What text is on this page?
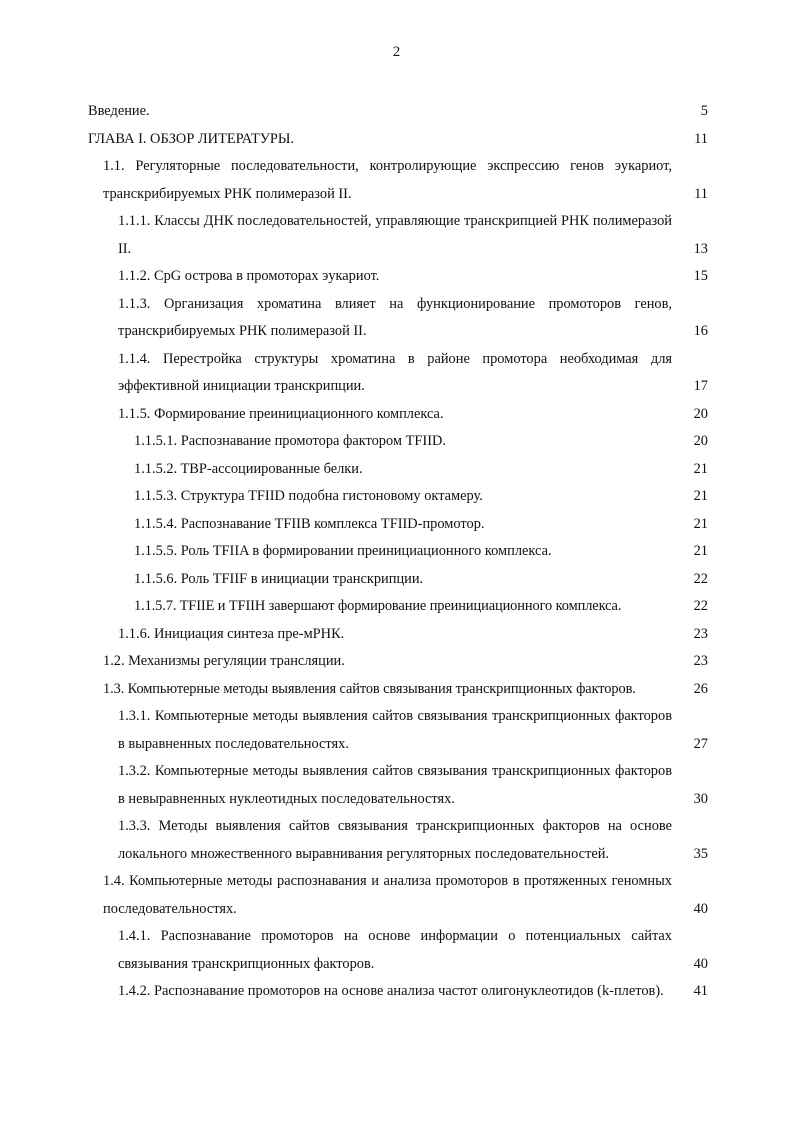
2
Введение.	5
ГЛАВА I. ОБЗОР ЛИТЕРАТУРЫ.	11
1.1. Регуляторные последовательности, контролирующие экспрессию генов эукариот, транскрибируемых РНК полимеразой II.	11
1.1.1. Классы ДНК последовательностей, управляющие транскрипцией РНК полимеразой II.	13
1.1.2. CpG острова в промоторах эукариот.	15
1.1.3. Организация хроматина влияет на функционирование промоторов генов, транскрибируемых РНК полимеразой II.	16
1.1.4. Перестройка структуры хроматина в районе промотора необходимая для эффективной инициации транскрипции.	17
1.1.5. Формирование преинициационного комплекса.	20
1.1.5.1. Распознавание промотора фактором TFIID.	20
1.1.5.2. TBP-ассоциированные белки.	21
1.1.5.3. Структура TFIID подобна гистоновому октамеру.	21
1.1.5.4. Распознавание TFIIB комплекса TFIID-промотор.	21
1.1.5.5. Роль TFIIA в формировании преинициационного комплекса.	21
1.1.5.6. Роль TFIIF в инициации транскрипции.	22
1.1.5.7. TFIIE и TFIIH завершают формирование преинициационного комплекса.	22
1.1.6. Инициация синтеза пре-мРНК.	23
1.2. Механизмы регуляции трансляции.	23
1.3. Компьютерные методы выявления сайтов связывания транскрипционных факторов.	26
1.3.1. Компьютерные методы выявления сайтов связывания транскрипционных факторов в выравненных последовательностях.	27
1.3.2. Компьютерные методы выявления сайтов связывания транскрипционных факторов в невыравненных нуклеотидных последовательностях.	30
1.3.3. Методы выявления сайтов связывания транскрипционных факторов на основе локального множественного выравнивания регуляторных последовательностей.	35
1.4. Компьютерные методы распознавания и анализа промоторов в протяженных геномных последовательностях.	40
1.4.1. Распознавание промоторов на основе информации о потенциальных сайтах связывания транскрипционных факторов.	40
1.4.2. Распознавание промоторов на основе анализа частот олигонуклеотидов (k-плетов).	41
